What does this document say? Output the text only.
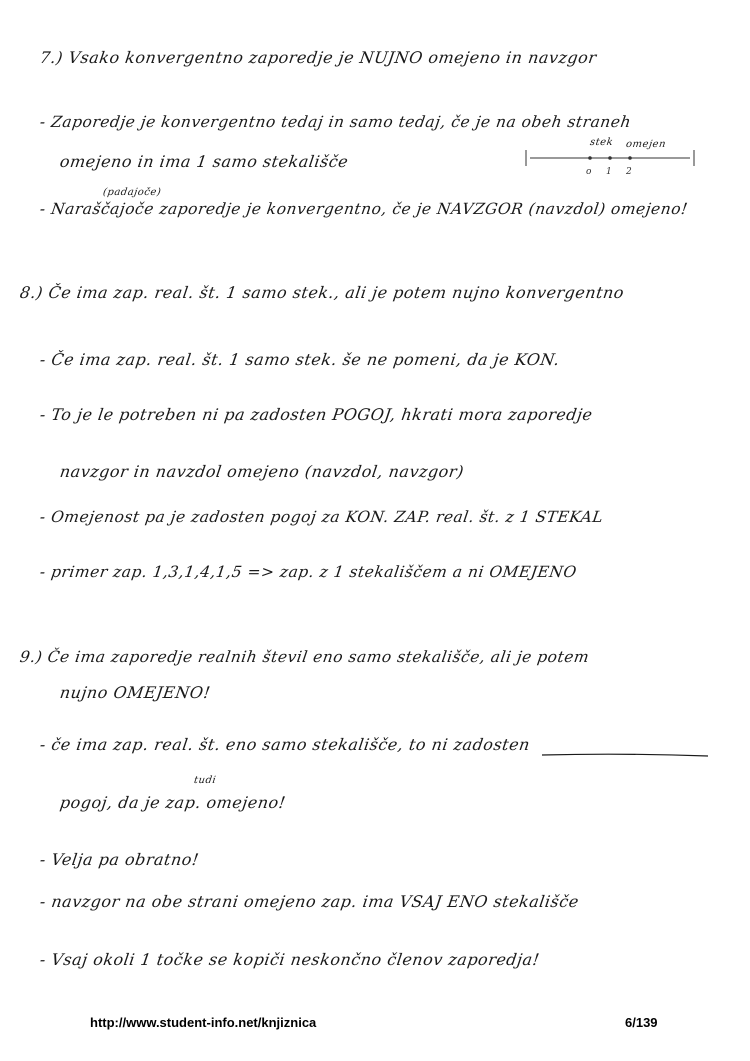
7.) Vsako konvergentno zaporedje je NUJNO omejeno in navzgor
- Zaporedje je konvergentno tedaj in samo tedaj, če je na obeh straneh
omejeno in ima 1 samo stekališče
o 1 2
stek omejen
(padajoče)
- Naraščajoče zaporedje je konvergentno, če je NAVZGOR (navzdol) omejeno!
8.) Če ima zap. real. št. 1 samo stek., ali je potem nujno konvergentno
- Če ima zap. real. št. 1 samo stek. še ne pomeni, da je KON.
- To je le potreben ni pa zadosten POGOJ, hkrati mora zaporedje
navzgor in navzdol omejeno (navzdol, navzgor)
- Omejenost pa je zadosten pogoj za KON. ZAP. real. št. z 1 STEKAL
- primer zap. 1,3,1,4,1,5 => zap. z 1 stekališčem a ni OMEJENO
9.) Če ima zaporedje realnih števil eno samo stekališče, ali je potem
nujno OMEJENO!
- če ima zap. real. št. eno samo stekališče, to ni zadosten
tudi
pogoj, da je zap. omejeno!
- Velja pa obratno!
- navzgor na obe strani omejeno zap. ima VSAJ ENO stekališče
- Vsaj okoli 1 točke se kopiči neskončno členov zaporedja!
http://www.student-info.net/knjiznica	6/139
